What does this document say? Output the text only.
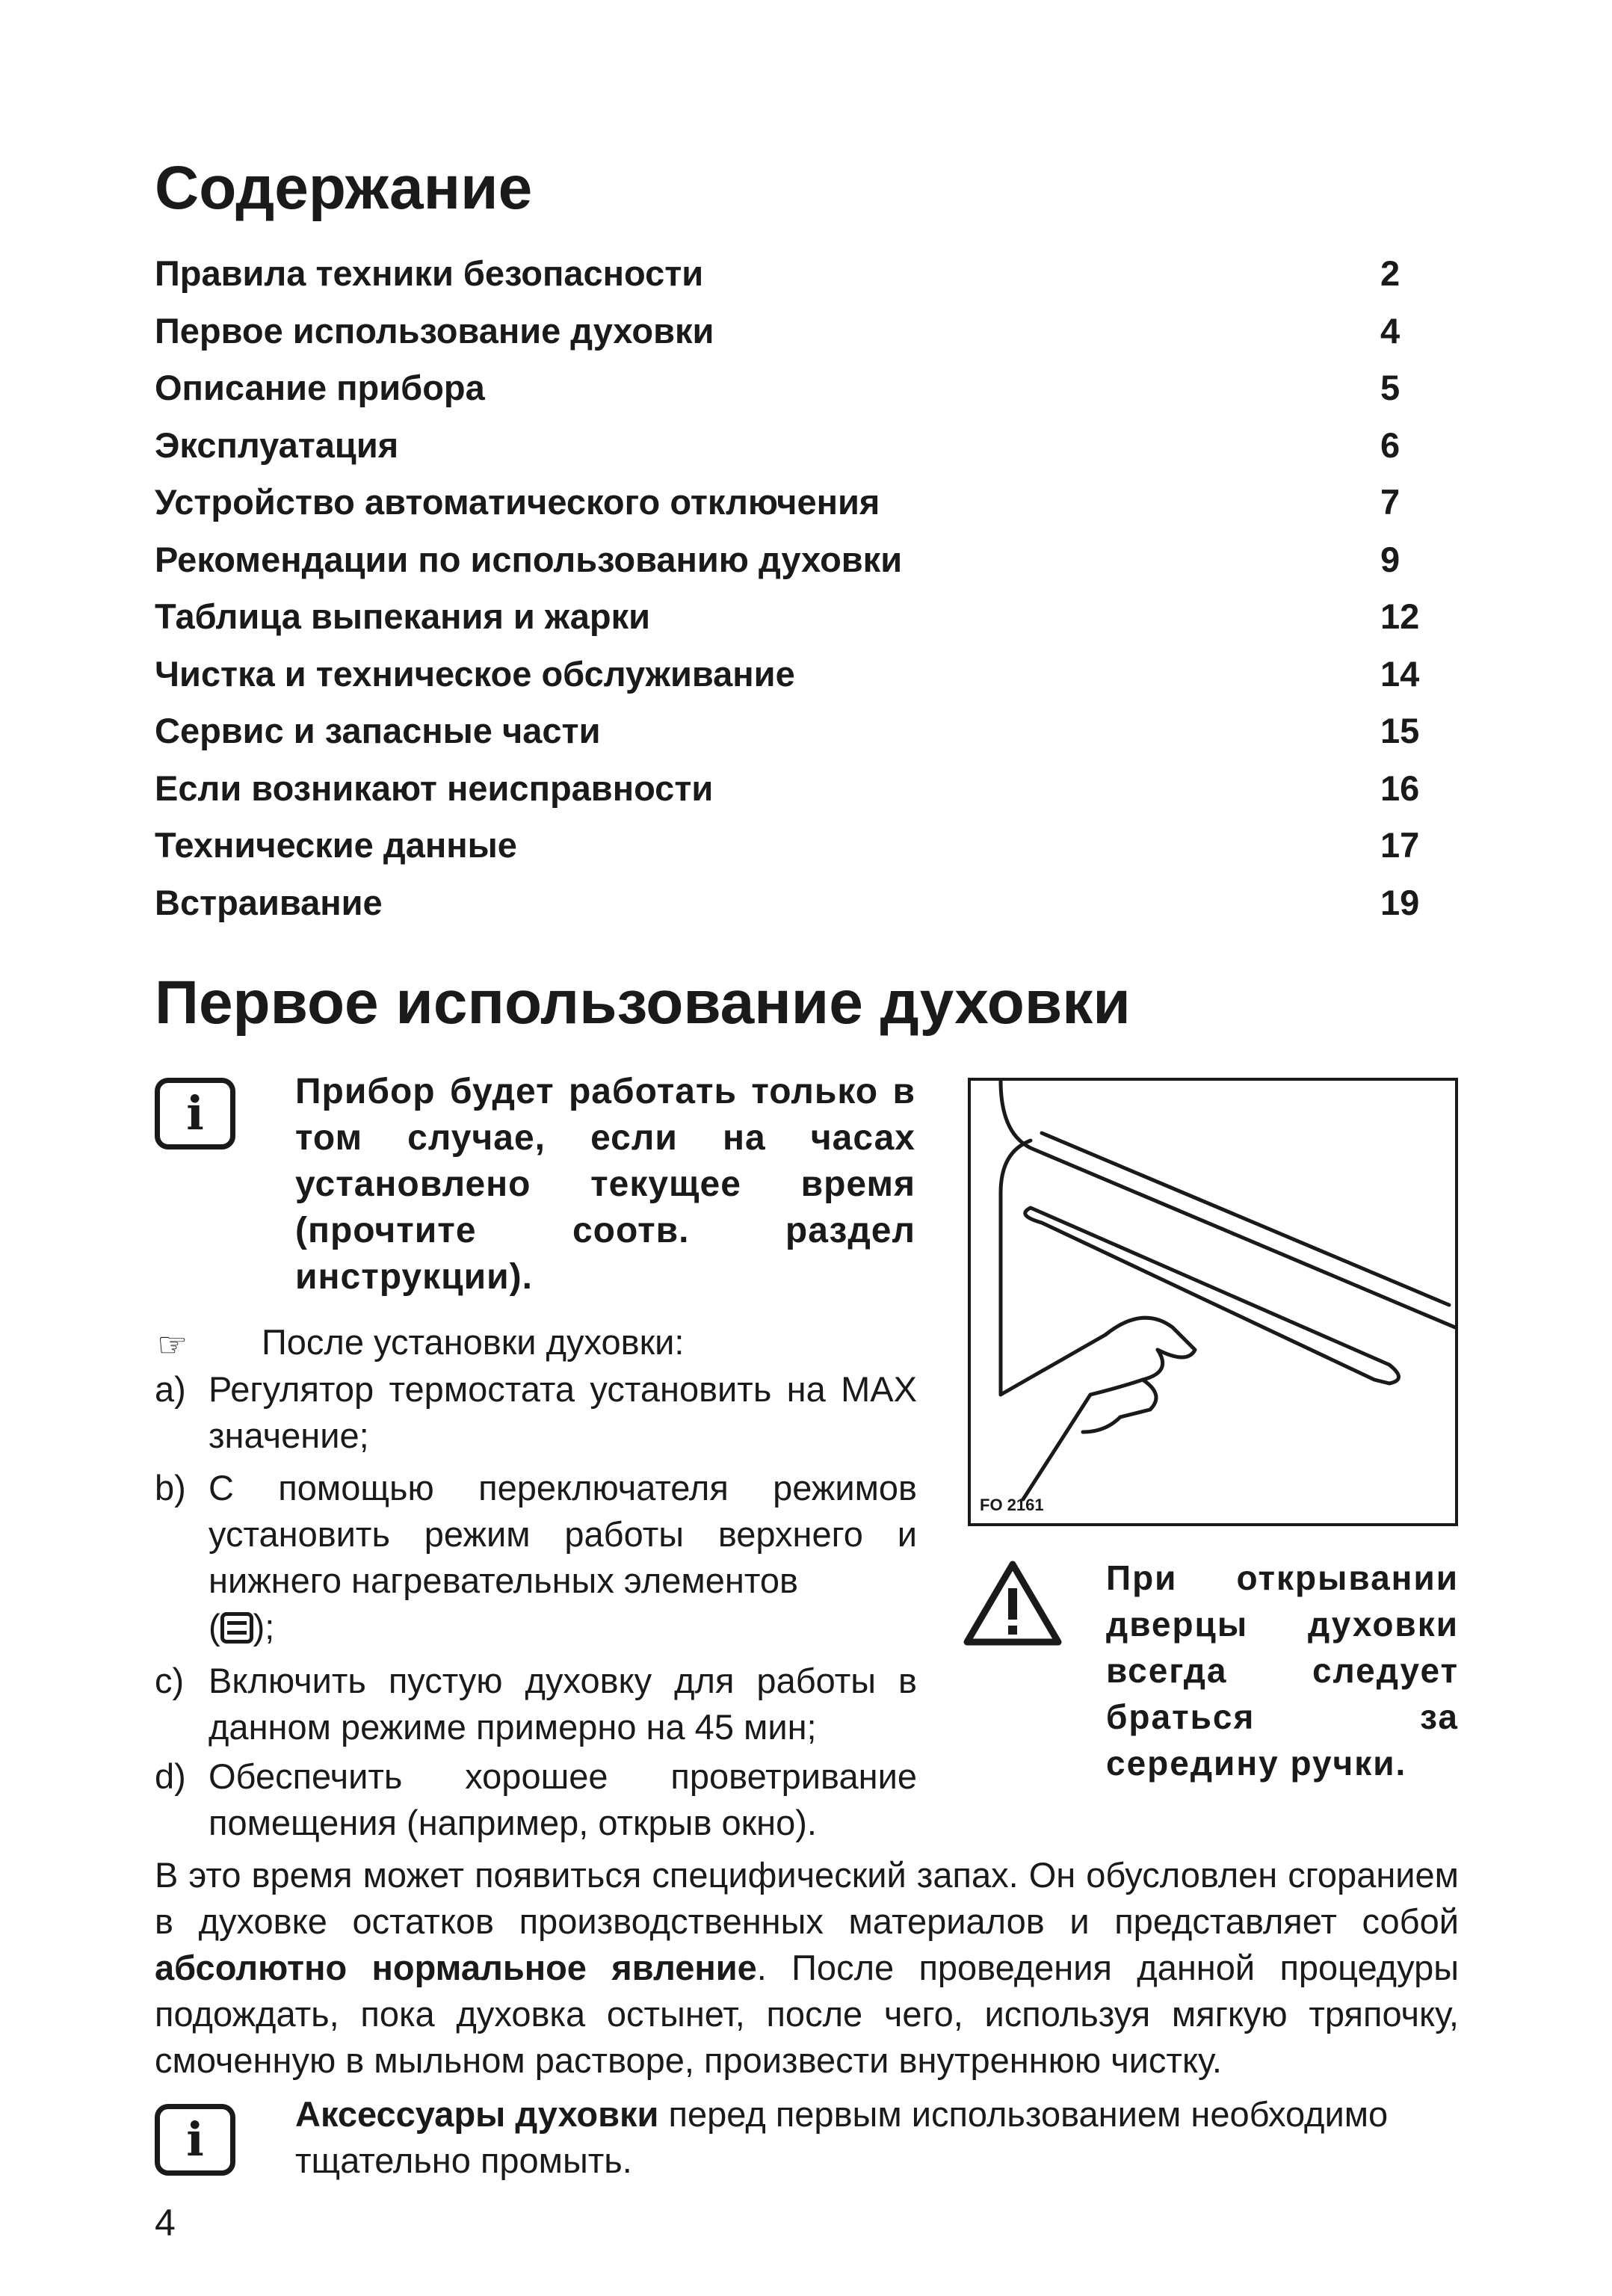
Содержание
Правила техники безопасности	2
Первое использование духовки	4
Описание прибора	5
Эксплуатация	6
Устройство автоматического отключения	7
Рекомендации по использованию духовки	9
Таблица выпекания и жарки	12
Чистка и техническое обслуживание	14
Сервис и запасные части	15
Если возникают неисправности	16
Технические данные	17
Встраивание	19
Первое использование духовки
i	Прибор будет работать только в том случае, если на часах установлено текущее время (прочтите соотв. раздел инструкции).
FO 2161
☞ После установки духовки:
a) Регулятор термостата установить на MAX значение;
b) С помощью переключателя режимов установить режим работы верхнего и нижнего нагревательных элементов
( );
c) Включить пустую духовку для работы в данном режиме примерно на 45 мин;
d) Обеспечить хорошее проветривание помещения (например, открыв окно).
При открывании дверцы духовки всегда следует браться за середину ручки.
В это время может появиться специфический запах. Он обусловлен сгоранием в духовке остатков производственных материалов и представляет собой абсолютно нормальное явление. После проведения данной процедуры подождать, пока духовка остынет, после чего, используя мягкую тряпочку, смоченную в мыльном растворе, произвести внутреннюю чистку.
i	Аксессуары духовки перед первым использованием необходимо тщательно промыть.
4
